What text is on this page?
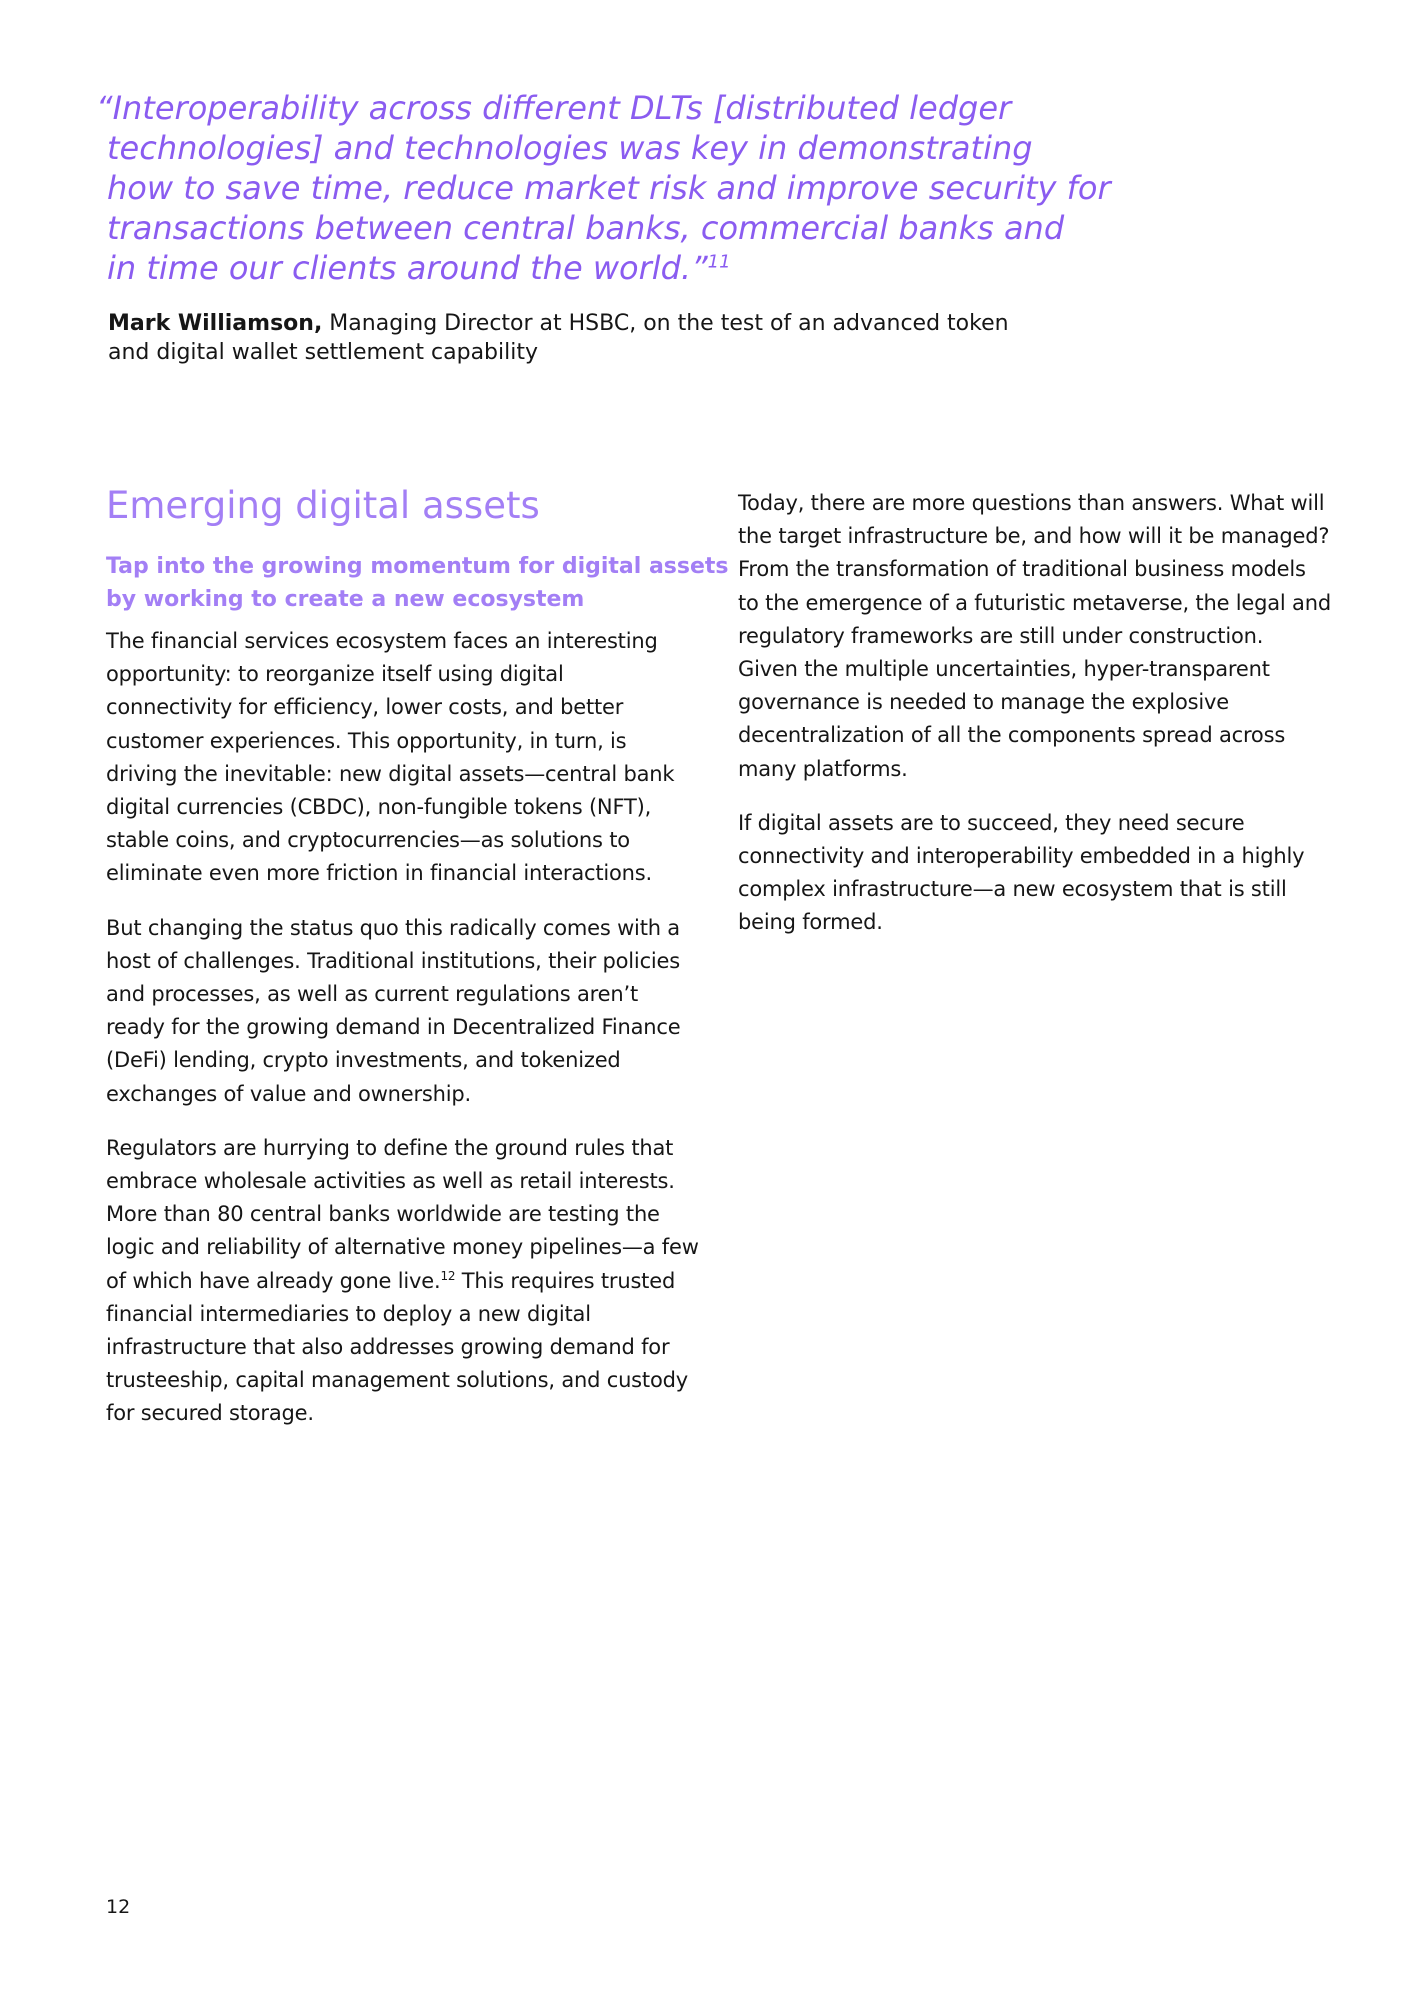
“Interoperability across different DLTs [distributed ledger
technologies] and technologies was key in demonstrating
how to save time, reduce market risk and improve security for
transactions between central banks, commercial banks and
in time our clients around the world.”$^{11}$
Mark Williamson, Managing Director at HSBC, on the test of an advanced token
and digital wallet settlement capability
Emerging digital assets
Tap into the growing momentum for digital assets
by working to create a new ecosystem

The financial services ecosystem faces an interesting
opportunity: to reorganize itself using digital
connectivity for efficiency, lower costs, and better
customer experiences. This opportunity, in turn, is
driving the inevitable: new digital assets—central bank
digital currencies (CBDC), non-fungible tokens (NFT),
stable coins, and cryptocurrencies—as solutions to
eliminate even more friction in financial interactions.

But changing the status quo this radically comes with a
host of challenges. Traditional institutions, their policies
and processes, as well as current regulations aren’t
ready for the growing demand in Decentralized Finance
(DeFi) lending, crypto investments, and tokenized
exchanges of value and ownership.

Regulators are hurrying to define the ground rules that
embrace wholesale activities as well as retail interests.
More than 80 central banks worldwide are testing the
logic and reliability of alternative money pipelines—a few
of which have already gone live.$^{12}$ This requires trusted
financial intermediaries to deploy a new digital
infrastructure that also addresses growing demand for
trusteeship, capital management solutions, and custody
for secured storage.

Today, there are more questions than answers. What will
the target infrastructure be, and how will it be managed?
From the transformation of traditional business models
to the emergence of a futuristic metaverse, the legal and
regulatory frameworks are still under construction.
Given the multiple uncertainties, hyper-transparent
governance is needed to manage the explosive
decentralization of all the components spread across
many platforms.

If digital assets are to succeed, they need secure
connectivity and interoperability embedded in a highly
complex infrastructure—a new ecosystem that is still
being formed.

12
